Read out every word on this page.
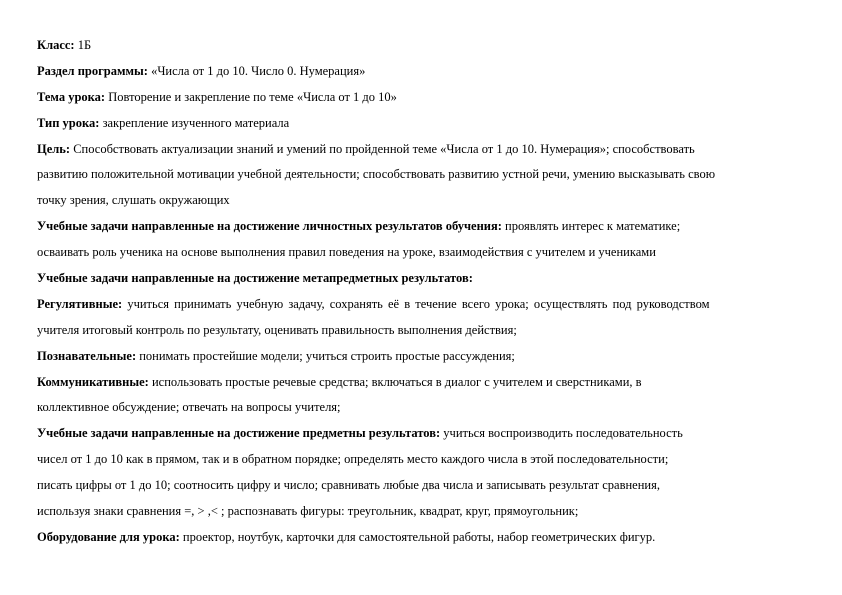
Класс: 1Б
Раздел программы: «Числа от 1 до 10. Число 0. Нумерация»
Тема урока: Повторение и закрепление по теме «Числа от 1 до 10»
Тип урока: закрепление изученного материала
Цель: Способствовать актуализации знаний и умений по пройденной теме «Числа от 1 до 10. Нумерация»; способствовать
развитию положительной мотивации учебной деятельности; способствовать развитию устной речи, умению высказывать свою
точку зрения, слушать окружающих
Учебные задачи направленные на достижение личностных результатов обучения: проявлять интерес к математике;
осваивать роль ученика на основе выполнения правил поведения на уроке, взаимодействия с учителем и учениками
Учебные задачи направленные на достижение метапредметных результатов:
Регулятивные: учиться принимать учебную задачу, сохранять её в течение всего урока; осуществлять под руководством
учителя итоговый контроль по результату, оценивать правильность выполнения действия;
Познавательные: понимать простейшие модели; учиться строить простые рассуждения;
Коммуникативные: использовать простые речевые средства; включаться в диалог с учителем и сверстниками, в
коллективное обсуждение; отвечать на вопросы учителя;
Учебные задачи направленные на достижение предметны результатов: учиться воспроизводить последовательность
чисел от 1 до 10 как в прямом, так и в обратном порядке; определять место каждого числа в этой последовательности;
писать цифры от 1 до 10; соотносить цифру и число; сравнивать любые два числа и записывать результат сравнения,
используя знаки сравнения =, > ,< ; распознавать фигуры: треугольник, квадрат, круг, прямоугольник;
Оборудование для урока: проектор, ноутбук, карточки для самостоятельной работы, набор геометрических фигур.
